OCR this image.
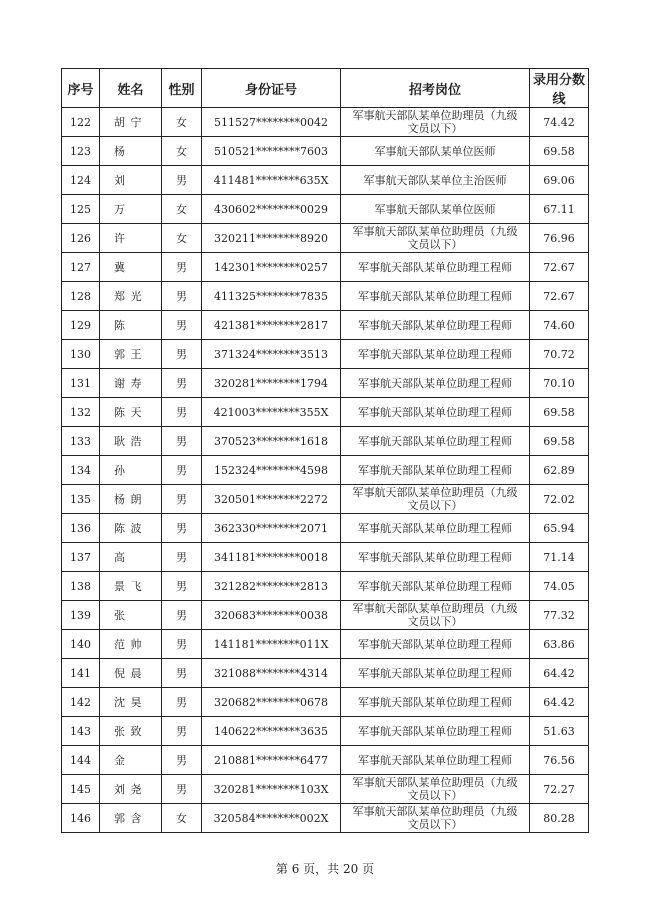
序号	姓名	性别	身份证号	招考岗位	录用分数线
122	胡 宁	女	511527********0042	军事航天部队某单位助理员（九级文员以下）	74.42
123	杨	女	510521********7603	军事航天部队某单位医师	69.58
124	刘	男	411481********635X	军事航天部队某单位主治医师	69.06
125	万	女	430602********0029	军事航天部队某单位医师	67.11
126	许	女	320211********8920	军事航天部队某单位助理员（九级文员以下）	76.96
127	冀	男	142301********0257	军事航天部队某单位助理工程师	72.67
128	郑 光	男	411325********7835	军事航天部队某单位助理工程师	72.67
129	陈	男	421381********2817	军事航天部队某单位助理工程师	74.60
130	郭 王	男	371324********3513	军事航天部队某单位助理工程师	70.72
131	谢 寿	男	320281********1794	军事航天部队某单位助理工程师	70.10
132	陈 天	男	421003********355X	军事航天部队某单位助理工程师	69.58
133	耿 浩	男	370523********1618	军事航天部队某单位助理工程师	69.58
134	孙	男	152324********4598	军事航天部队某单位助理工程师	62.89
135	杨 朗	男	320501********2272	军事航天部队某单位助理员（九级文员以下）	72.02
136	陈 波	男	362330********2071	军事航天部队某单位助理工程师	65.94
137	高	男	341181********0018	军事航天部队某单位助理工程师	71.14
138	景 飞	男	321282********2813	军事航天部队某单位助理工程师	74.05
139	张	男	320683********0038	军事航天部队某单位助理员（九级文员以下）	77.32
140	范 帅	男	141181********011X	军事航天部队某单位助理工程师	63.86
141	倪 晨	男	321088********4314	军事航天部队某单位助理工程师	64.42
142	沈 昊	男	320682********0678	军事航天部队某单位助理工程师	64.42
143	张 致	男	140622********3635	军事航天部队某单位助理工程师	51.63
144	金	男	210881********6477	军事航天部队某单位助理工程师	76.56
145	刘 尧	男	320281********103X	军事航天部队某单位助理员（九级文员以下）	72.27
146	郭 含	女	320584********002X	军事航天部队某单位助理员（九级文员以下）	80.28
第 6 页，共 20 页
